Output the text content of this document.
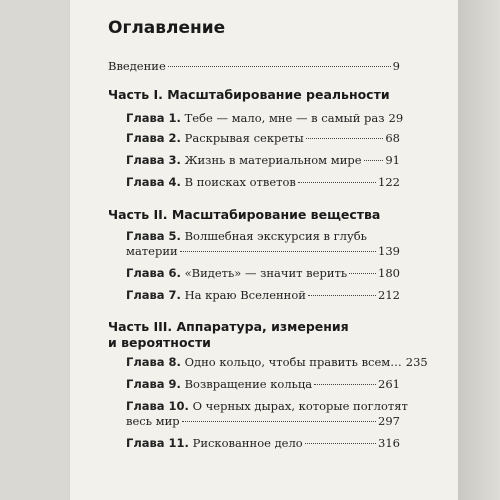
Оглавление
Введение	9
Часть I. Масштабирование реальности
Глава 1. Тебе — мало, мне — в самый раз 29
Глава 2. Раскрывая секреты	68
Глава 3. Жизнь в материальном мире 91
Глава 4. В поисках ответов	122
Часть II. Масштабирование вещества
Глава 5. Волшебная экскурсия в глубь
материи	139
Глава 6. «Видеть» — значит верить	180
Глава 7. На краю Вселенной	212
Часть III. Аппаратура, измерения
и вероятности
Глава 8. Одно кольцо, чтобы править всем… 235
Глава 9. Возвращение кольца	261
Глава 10. О черных дырах, которые поглотят
весь мир	297
Глава 11. Рискованное дело	316
